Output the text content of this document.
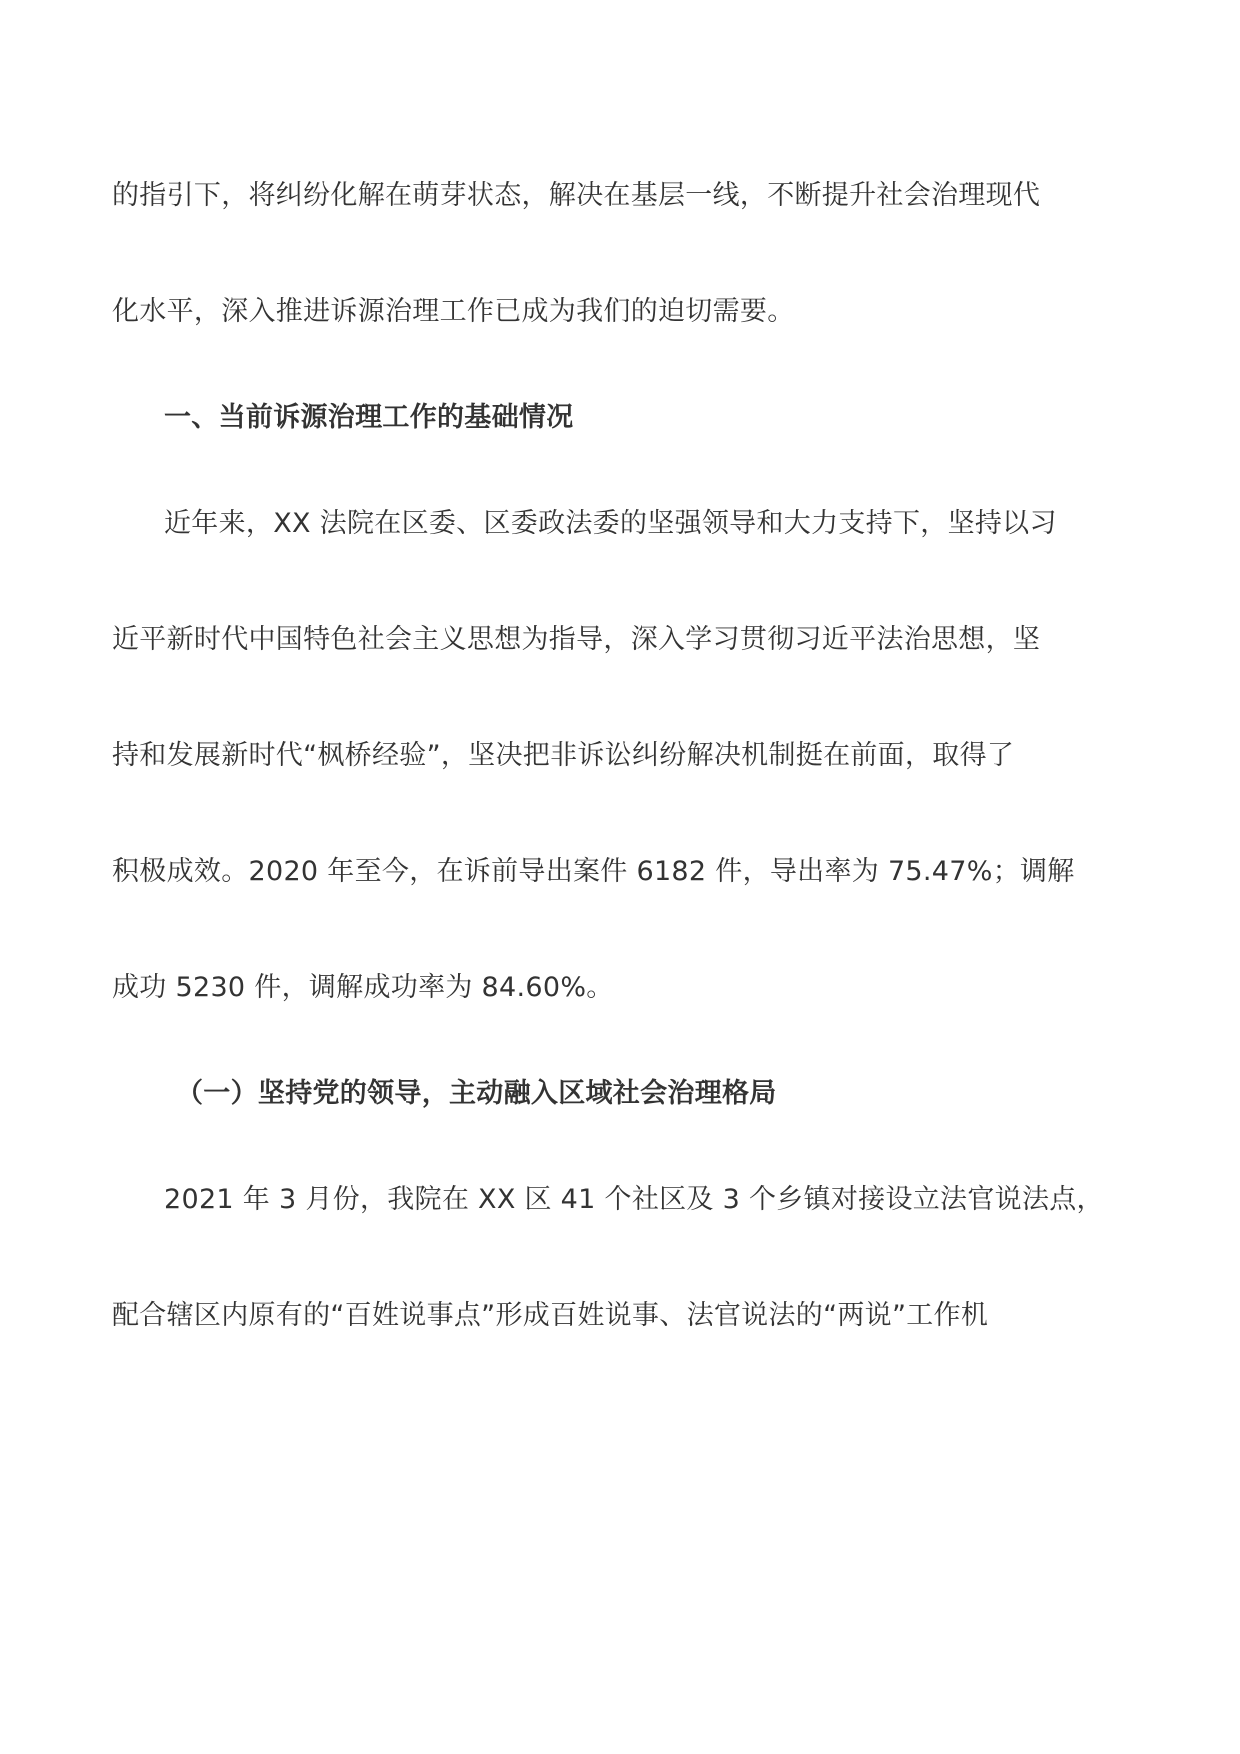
的指引下，将纠纷化解在萌芽状态，解决在基层一线，不断提升社会治理现代
化水平，深入推进诉源治理工作已成为我们的迫切需要。
一、当前诉源治理工作的基础情况
近年来，XX 法院在区委、区委政法委的坚强领导和大力支持下，坚持以习
近平新时代中国特色社会主义思想为指导，深入学习贯彻习近平法治思想，坚
持和发展新时代“枫桥经验”，坚决把非诉讼纠纷解决机制挺在前面，取得了
积极成效。2020 年至今，在诉前导出案件 6182 件，导出率为 75.47%；调解
成功 5230 件，调解成功率为 84.60%。
（一）坚持党的领导，主动融入区域社会治理格局
2021 年 3 月份，我院在 XX 区 41 个社区及 3 个乡镇对接设立法官说法点，
配合辖区内原有的“百姓说事点”形成百姓说事、法官说法的“两说”工作机
